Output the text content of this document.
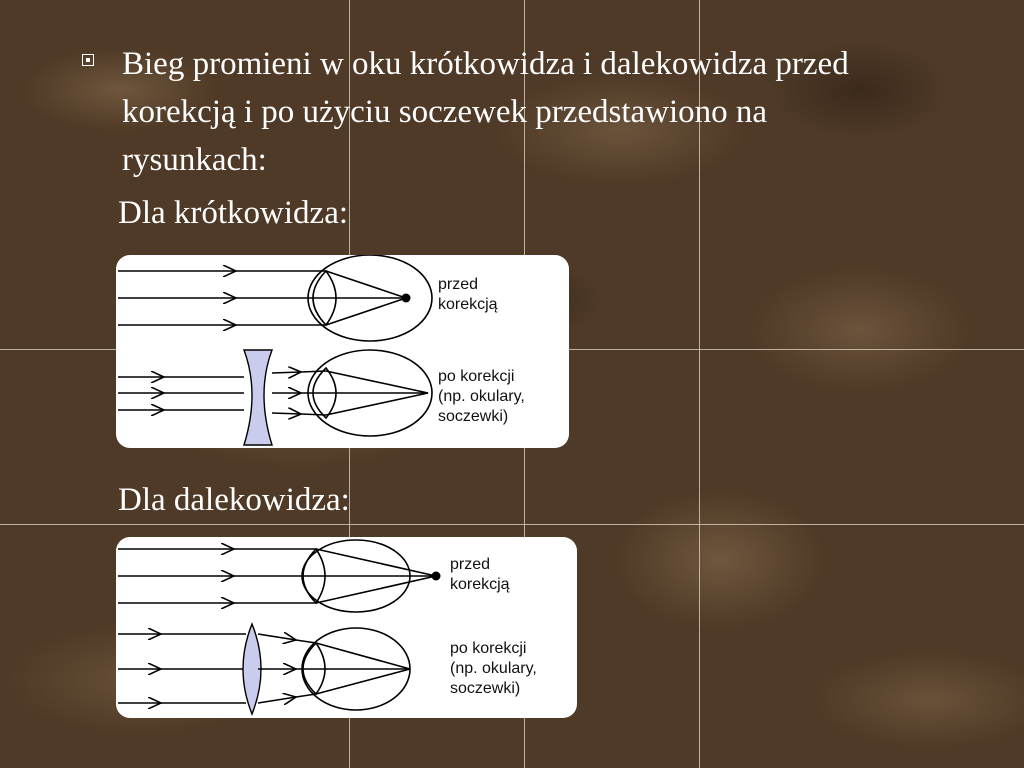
Bieg promieni w oku krótkowidza i dalekowidza przed korekcją i po użyciu soczewek przedstawiono na rysunkach:
Dla krótkowidza:
przed
korekcją
po korekcji
(np. okulary,
soczewki)
Dla dalekowidza:
przed
korekcją
po korekcji
(np. okulary,
soczewki)
